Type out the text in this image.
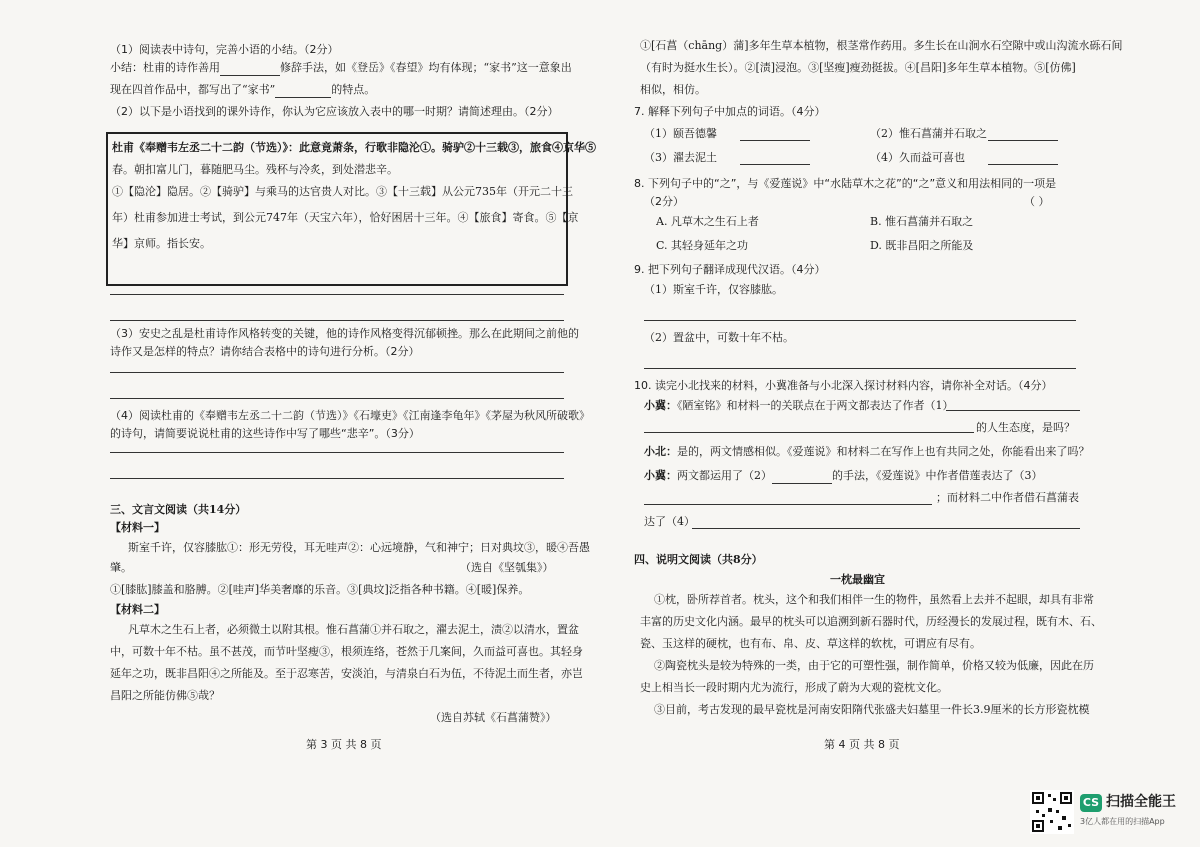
（1）阅读表中诗句，完善小语的小结。（2分）
小结：杜甫的诗作善用	修辞手法，如《登岳》《春望》均有体现；“家书”这一意象出
现在四首作品中，都写出了“家书”	的特点。
（2）以下是小语找到的课外诗作，你认为它应该放入表中的哪一时期？请简述理由。（2分）
杜甫《奉赠韦左丞二十二韵（节选）》：此意竟萧条，行歌非隐沦①。骑驴②十三载③，旅食④京华⑤
春。朝扣富儿门，暮随肥马尘。残杯与冷炙，到处潜悲辛。
①【隐沦】隐居。②【骑驴】与乘马的达官贵人对比。③【十三载】从公元735年（开元二十三
年）杜甫参加进士考试，到公元747年（天宝六年），恰好困居十三年。④【旅食】寄食。⑤【京
华】京师。指长安。
（3）安史之乱是杜甫诗作风格转变的关键，他的诗作风格变得沉郁顿挫。那么在此期间之前他的
诗作又是怎样的特点？请你结合表格中的诗句进行分析。（2分）
（4）阅读杜甫的《奉赠韦左丞二十二韵（节选）》《石壕吏》《江南逢李龟年》《茅屋为秋风所破歌》
的诗句，请简要说说杜甫的这些诗作中写了哪些“悲辛”。（3分）
三、文言文阅读（共14分）
【材料一】
斯室千许，仅容膝肱①：形无劳役，耳无哇声②：心远境静，气和神宁；日对典坟③，暖④吾愚
肇。	（选自《坚瓠集》）
①[膝肱]膝盖和胳膊。②[哇声]华美奢靡的乐音。③[典坟]泛指各种书籍。④[暖]保养。
【材料二】
凡草木之生石上者，必须微土以附其根。惟石菖蒲①并石取之，濯去泥土，渍②以清水，置盆
中，可数十年不枯。虽不甚茂，而节叶坚瘦③，根须连络，苍然于几案间，久而益可喜也。其轻身
延年之功，既非昌阳④之所能及。至于忍寒苦，安淡泊，与清泉白石为伍，不待泥土而生者，亦岂
昌阳之所能仿佛⑤哉？
（选自苏轼《石菖蒲赞》）
第 3 页 共 8 页
①[石菖（chāng）蒲]多年生草本植物，根茎常作药用。多生长在山涧水石空隙中或山沟流水砾石间
（有时为挺水生长）。②[渍]浸泡。③[坚瘦]瘦劲挺拔。④[昌阳]多年生草本植物。⑤[仿佛]
相似，相仿。
7. 解释下列句子中加点的词语。（4分）
（1）颐吾德馨	（2）惟石菖蒲并石取之
（3）濯去泥土	（4）久而益可喜也
8. 下列句子中的“之”，与《爱莲说》中“水陆草木之花”的“之”意义和用法相同的一项是
（2分）	（ ）
A. 凡草木之生石上者	B. 惟石菖蒲并石取之
C. 其轻身延年之功	D. 既非昌阳之所能及
9. 把下列句子翻译成现代汉语。（4分）
（1）斯室千许，仅容膝肱。
（2）置盆中，可数十年不枯。
10. 读完小北找来的材料，小冀准备与小北深入探讨材料内容，请你补全对话。（4分）
小冀：《陋室铭》和材料一的关联点在于两文都表达了作者（1）
的人生态度，是吗？
小北：是的，两文情感相似。《爱莲说》和材料二在写作上也有共同之处，你能看出来了吗？
小冀：两文都运用了（2）	的手法，《爱莲说》中作者借莲表达了（3）
；而材料二中作者借石菖蒲表
达了（4）
四、说明文阅读（共8分）
一枕最幽宜
①枕，卧所荐首者。枕头，这个和我们相伴一生的物件，虽然看上去并不起眼，却具有非常
丰富的历史文化内涵。最早的枕头可以追溯到新石器时代，历经漫长的发展过程，既有木、石、
瓷、玉这样的硬枕，也有布、帛、皮、草这样的软枕，可谓应有尽有。
②陶瓷枕头是较为特殊的一类，由于它的可塑性强，制作简单，价格又较为低廉，因此在历
史上相当长一段时期内尤为流行，形成了蔚为大观的瓷枕文化。
③目前，考古发现的最早瓷枕是河南安阳隋代张盛夫妇墓里一件长3.9厘米的长方形瓷枕模
第 4 页 共 8 页
CS 扫描全能王
3亿人都在用的扫描App
